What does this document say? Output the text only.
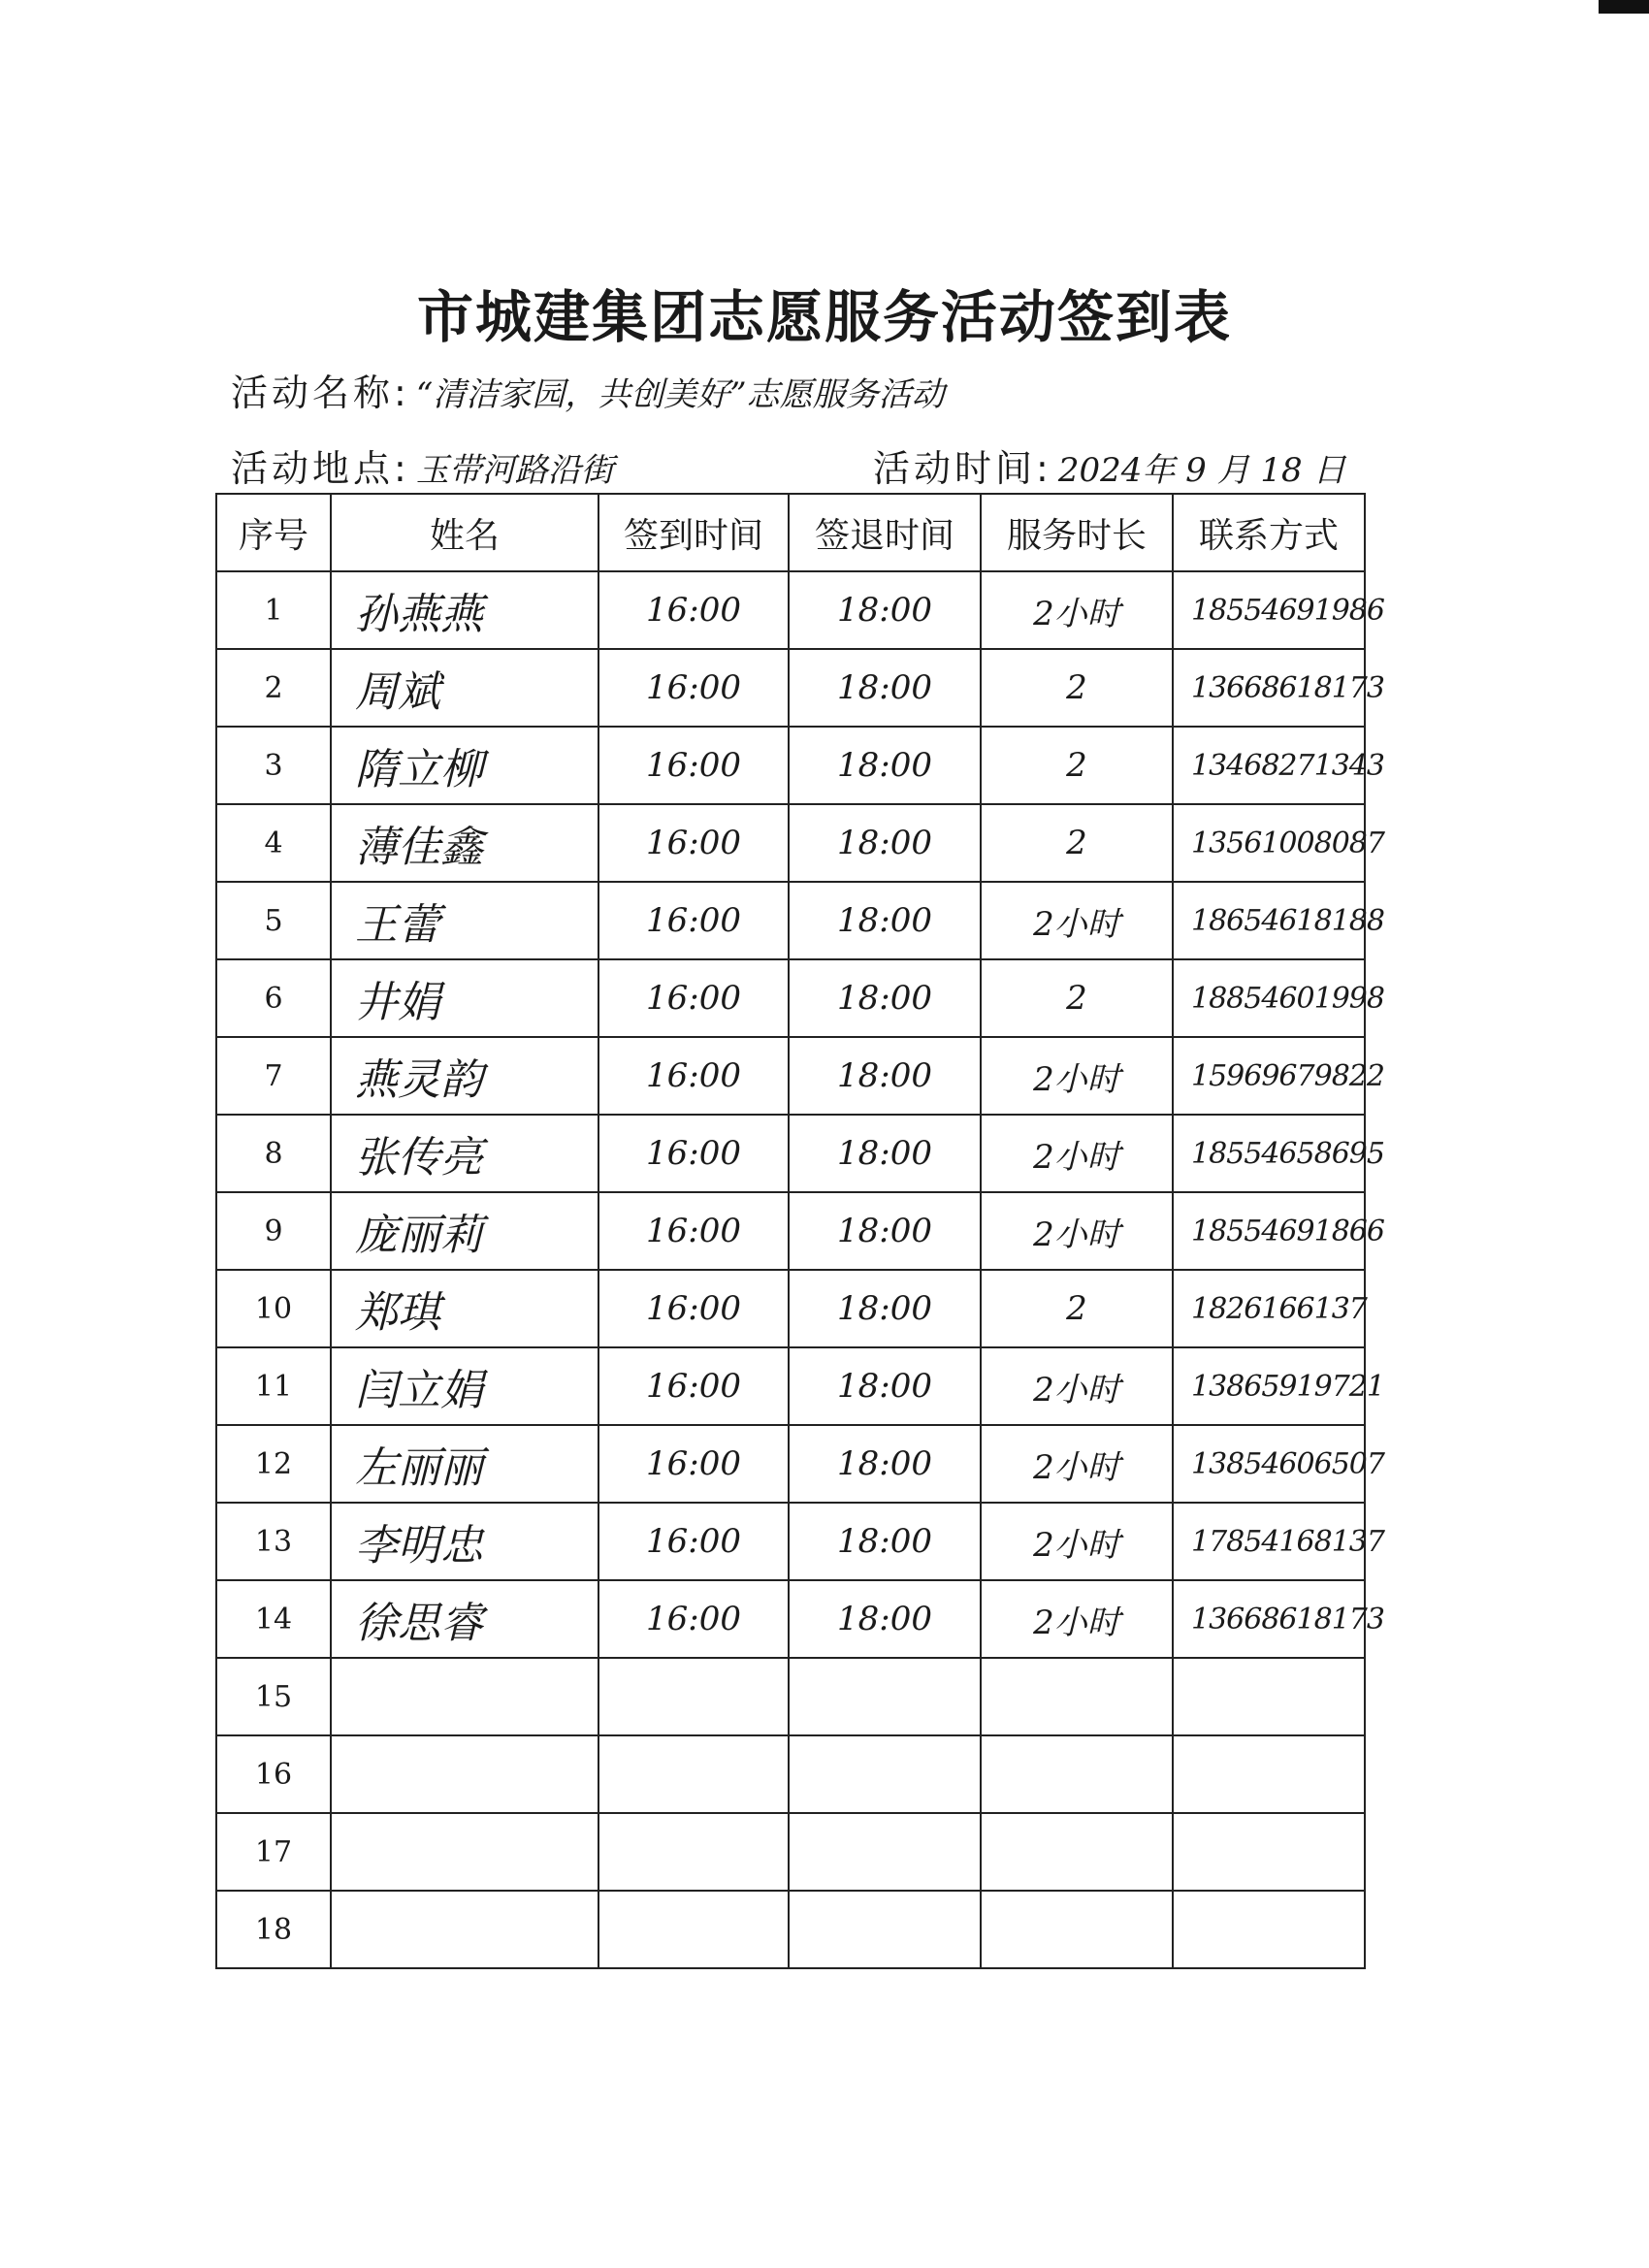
市城建集团志愿服务活动签到表
活动名称: “清洁家园，共创美好”志愿服务活动
活动地点: 玉带河路沿街	活动时间: 2024年 9 月 18 日
序号	姓名	签到时间	签退时间	服务时长	联系方式
1	孙燕燕	16:00	18:00	2小时	18554691986
2	周斌	16:00	18:00	2	13668618173
3	隋立柳	16:00	18:00	2	13468271343
4	薄佳鑫	16:00	18:00	2	13561008087
5	王蕾	16:00	18:00	2小时	18654618188
6	井娟	16:00	18:00	2	18854601998
7	燕灵韵	16:00	18:00	2小时	15969679822
8	张传亮	16:00	18:00	2小时	18554658695
9	庞丽莉	16:00	18:00	2小时	18554691866
10	郑琪	16:00	18:00	2	1826166137
11	闫立娟	16:00	18:00	2小时	13865919721
12	左丽丽	16:00	18:00	2小时	13854606507
13	李明忠	16:00	18:00	2小时	17854168137
14	徐思睿	16:00	18:00	2小时	13668618173
15					
16					
17					
18					
